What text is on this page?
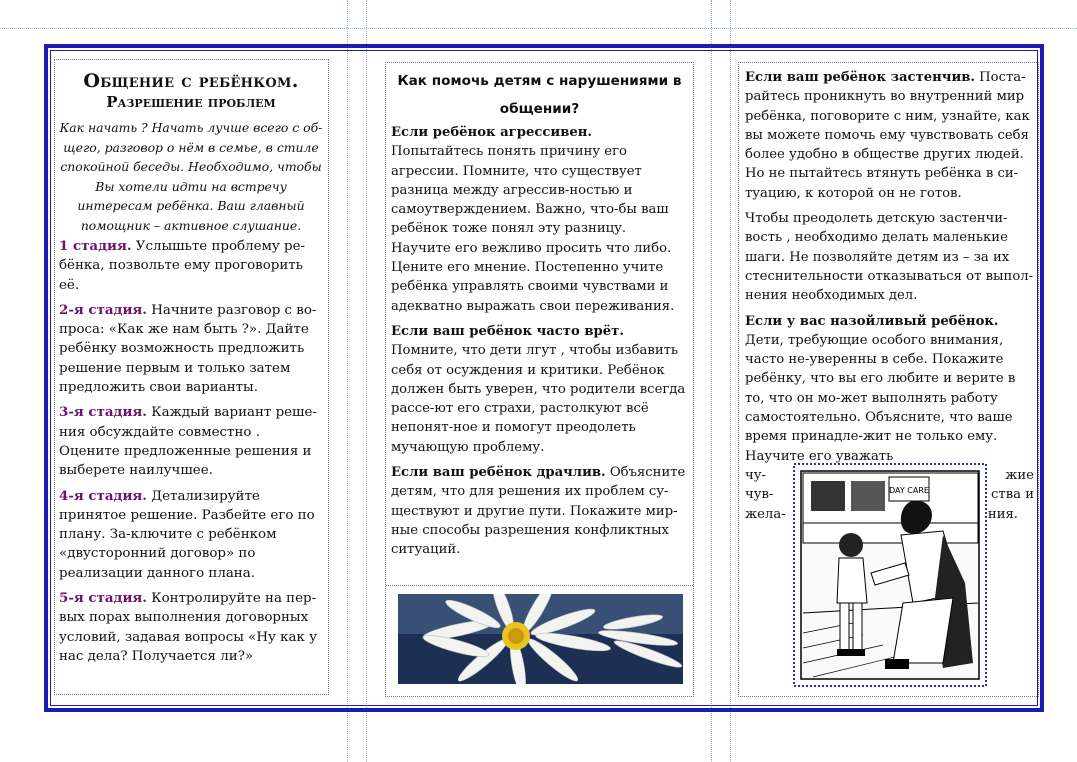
Общение с ребёнком.
Разрешение проблем

Как начать ? Начать лучше всего с об-щего, разговор о нём в семье, в стиле спокойной беседы. Необходимо, чтобы Вы хотели идти на встречу интересам ребёнка. Ваш главный помощник – активное слушание.

1 стадия. Услышьте проблему ре-бёнка, позвольте ему проговорить её.

2-я стадия. Начните разговор с во-проса: «Как же нам быть ?». Дайте ребёнку возможность предложить решение первым и только затем предложить свои варианты.

3-я стадия. Каждый вариант реше-ния обсуждайте совместно . Оцените предложенные решения и выберете наилучшее.

4-я стадия. Детализируйте принятое решение. Разбейте его по плану. За-ключите с ребёнком «двусторонний договор» по реализации данного плана.

5-я стадия. Контролируйте на пер-вых порах выполнения договорных условий, задавая вопросы «Ну как у нас дела? Получается ли?»

Как помочь детям с нарушениями в общении?

Если ребёнок агрессивен. Попытайтесь понять причину его агрессии. Помните, что существует разница между агрессив-ностью и самоутверждением. Важно, что-бы ваш ребёнок тоже понял эту разницу. Научите его вежливо просить что либо. Цените его мнение. Постепенно учите ребёнка управлять своими чувствами и адекватно выражать свои переживания.

Если ваш ребёнок часто врёт. Помните, что дети лгут , чтобы избавить себя от осуждения и критики. Ребёнок должен быть уверен, что родители всегда рассе-ют его страхи, растолкуют всё непонят-ное и помогут преодолеть мучающую проблему.

Если ваш ребёнок драчлив. Объясните детям, что для решения их проблем су-ществуют и другие пути. Покажите мир-ные способы разрешения конфликтных ситуаций.

Если ваш ребёнок застенчив. Поста-райтесь проникнуть во внутренний мир ребёнка, поговорите с ним, узнайте, как вы можете помочь ему чувствовать себя более удобно в обществе других людей. Но не пытайтесь втянуть ребёнка в си-туацию, к которой он не готов.

Чтобы преодолеть детскую застенчи-вость , необходимо делать маленькие шаги. Не позволяйте детям из – за их стеснительности отказываться от выпол-нения необходимых дел.

Если у вас назойливый ребёнок. Дети, требующие особого внимания, часто не-уверенны в себе. Покажите ребёнку, что вы его любите и верите в то, что он мо-жет выполнять работу самостоятельно. Объясните, что ваше время принадле-жит не только ему. Научите его уважать

чу-	жие
чув-	ства и
жела-	ния.
DAY CARE
